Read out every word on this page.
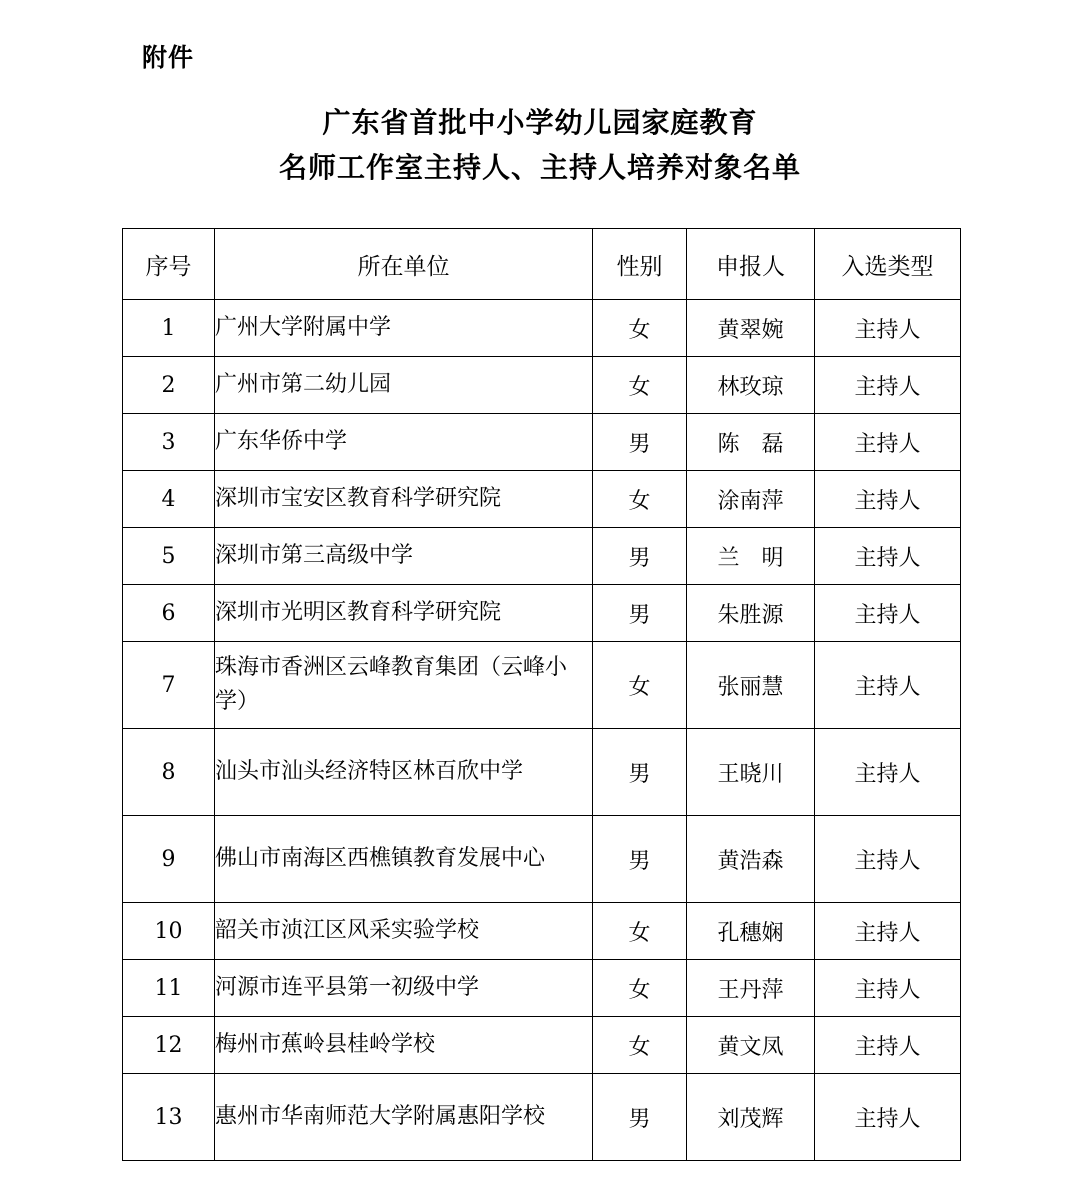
附件
广东省首批中小学幼儿园家庭教育
名师工作室主持人、主持人培养对象名单
序号	所在单位	性别	申报人	入选类型
1	广州大学附属中学	女	黄翠婉	主持人
2	广州市第二幼儿园	女	林玫琼	主持人
3	广东华侨中学	男	陈　磊	主持人
4	深圳市宝安区教育科学研究院	女	涂南萍	主持人
5	深圳市第三高级中学	男	兰　明	主持人
6	深圳市光明区教育科学研究院	男	朱胜源	主持人
7	珠海市香洲区云峰教育集团（云峰小学）	女	张丽慧	主持人
8	汕头市汕头经济特区林百欣中学	男	王晓川	主持人
9	佛山市南海区西樵镇教育发展中心	男	黄浩森	主持人
10	韶关市浈江区风采实验学校	女	孔穗娴	主持人
11	河源市连平县第一初级中学	女	王丹萍	主持人
12	梅州市蕉岭县桂岭学校	女	黄文凤	主持人
13	惠州市华南师范大学附属惠阳学校	男	刘茂辉	主持人
